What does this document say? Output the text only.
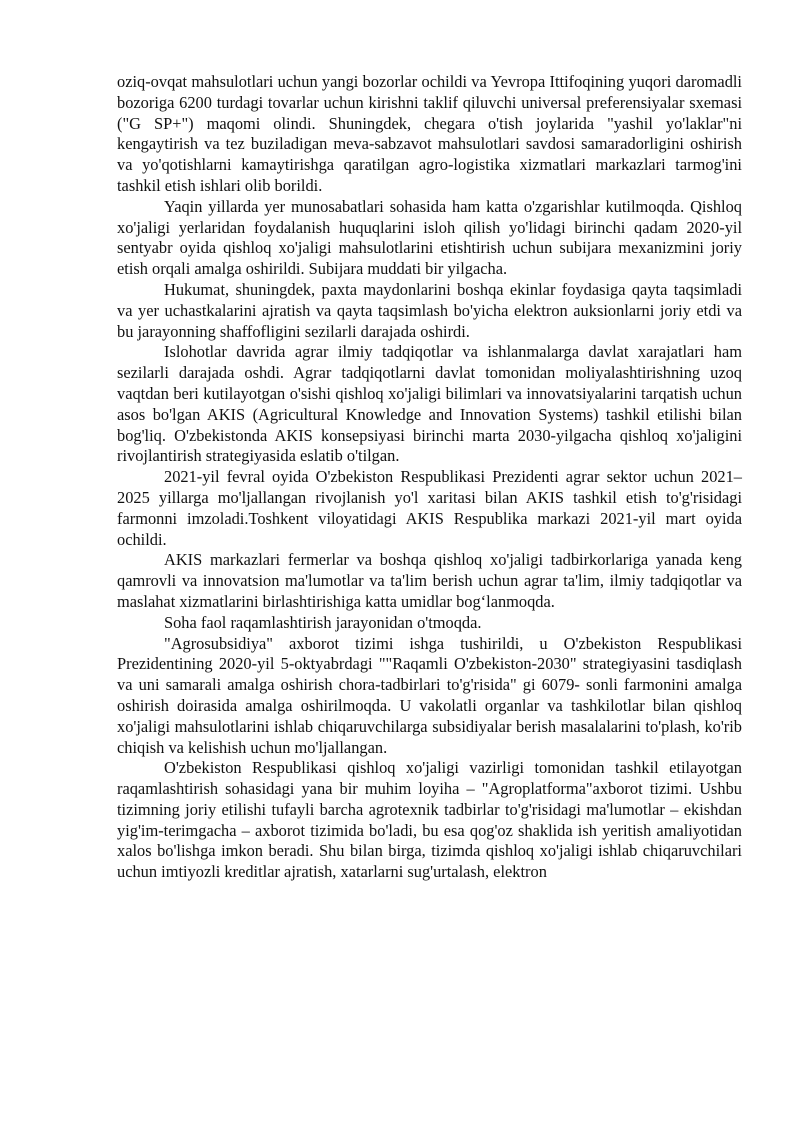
oziq-ovqat mahsulotlari uchun yangi bozorlar ochildi va Yevropa Ittifoqining yuqori daromadli bozoriga 6200 turdagi tovarlar uchun kirishni taklif qiluvchi universal preferensiyalar sxemasi ("G SP+") maqomi olindi. Shuningdek, chegara o'tish joylarida "yashil yo'laklar"ni kengaytirish va tez buziladigan meva-sabzavot mahsulotlari savdosi samaradorligini oshirish va yo'qotishlarni kamaytirishga qaratilgan agro-logistika xizmatlari markazlari tarmog'ini tashkil etish ishlari olib borildi.

Yaqin yillarda yer munosabatlari sohasida ham katta o'zgarishlar kutilmoqda. Qishloq xo'jaligi yerlaridan foydalanish huquqlarini isloh qilish yo'lidagi birinchi qadam 2020-yil sentyabr oyida qishloq xo'jaligi mahsulotlarini etishtirish uchun subijara mexanizmini joriy etish orqali amalga oshirildi. Subijara muddati bir yilgacha.

Hukumat, shuningdek, paxta maydonlarini boshqa ekinlar foydasiga qayta taqsimladi va yer uchastkalarini ajratish va qayta taqsimlash bo'yicha elektron auksionlarni joriy etdi va bu jarayonning shaffofligini sezilarli darajada oshirdi.

Islohotlar davrida agrar ilmiy tadqiqotlar va ishlanmalarga davlat xarajatlari ham sezilarli darajada oshdi. Agrar tadqiqotlarni davlat tomonidan moliyalashtirishning uzoq vaqtdan beri kutilayotgan o'sishi qishloq xo'jaligi bilimlari va innovatsiyalarini tarqatish uchun asos bo'lgan AKIS (Agricultural Knowledge and Innovation Systems) tashkil etilishi bilan bog'liq. O'zbekistonda AKIS konsepsiyasi birinchi marta 2030-yilgacha qishloq xo'jaligini rivojlantirish strategiyasida eslatib o'tilgan.

2021-yil fevral oyida O'zbekiston Respublikasi Prezidenti agrar sektor uchun 2021–2025 yillarga mo'ljallangan rivojlanish yo'l xaritasi bilan AKIS tashkil etish to'g'risidagi farmonni imzoladi.Toshkent viloyatidagi AKIS Respublika markazi 2021-yil mart oyida ochildi.

AKIS markazlari fermerlar va boshqa qishloq xo'jaligi tadbirkorlariga yanada keng qamrovli va innovatsion ma'lumotlar va ta'lim berish uchun agrar ta'lim, ilmiy tadqiqotlar va maslahat xizmatlarini birlashtirishiga katta umidlar bog‘lanmoqda.

Soha faol raqamlashtirish jarayonidan o'tmoqda.

"Agrosubsidiya" axborot tizimi ishga tushirildi, u O'zbekiston Respublikasi Prezidentining 2020-yil 5-oktyabrdagi ""Raqamli O'zbekiston-2030" strategiyasini tasdiqlash va uni samarali amalga oshirish chora-tadbirlari to'g'risida" gi 6079- sonli farmonini amalga oshirish doirasida amalga oshirilmoqda. U vakolatli organlar va tashkilotlar bilan qishloq xo'jaligi mahsulotlarini ishlab chiqaruvchilarga subsidiyalar berish masalalarini to'plash, ko'rib chiqish va kelishish uchun mo'ljallangan.

O'zbekiston Respublikasi qishloq xo'jaligi vazirligi tomonidan tashkil etilayotgan raqamlashtirish sohasidagi yana bir muhim loyiha – "Agroplatforma"axborot tizimi. Ushbu tizimning joriy etilishi tufayli barcha agrotexnik tadbirlar to'g'risidagi ma'lumotlar – ekishdan yig'im-terimgacha – axborot tizimida bo'ladi, bu esa qog'oz shaklida ish yeritish amaliyotidan xalos bo'lishga imkon beradi. Shu bilan birga, tizimda qishloq xo'jaligi ishlab chiqaruvchilari uchun imtiyozli kreditlar ajratish, xatarlarni sug'urtalash, elektron
